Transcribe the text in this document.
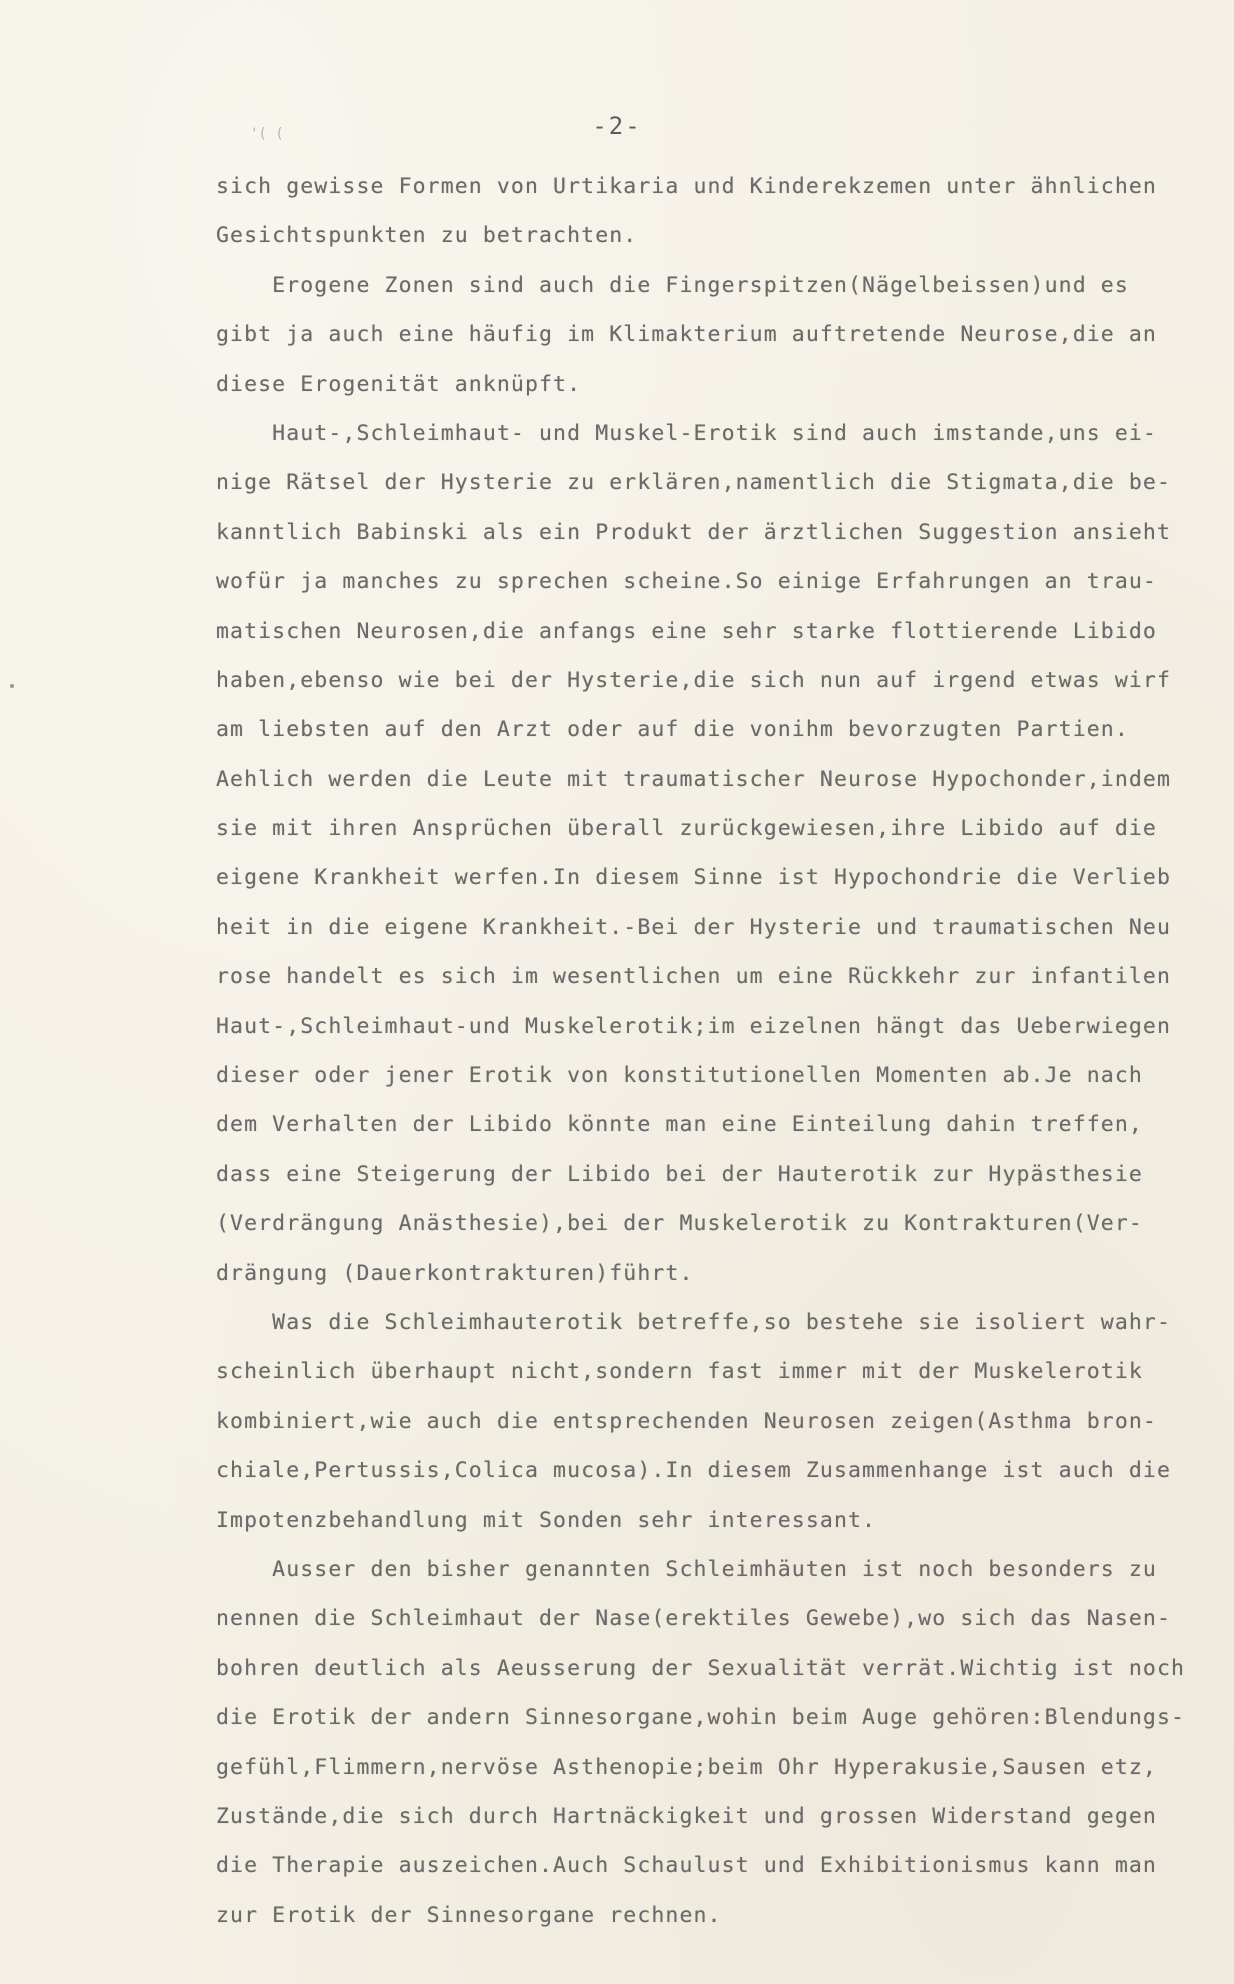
'( (	-2-
sich gewisse Formen von Urtikaria und Kinderekzemen unter ähnlichen
Gesichtspunkten zu betrachten.
Erogene Zonen sind auch die Fingerspitzen(Nägelbeissen)und es
gibt ja auch eine häufig im Klimakterium auftretende Neurose,die an
diese Erogenität anknüpft.
Haut-,Schleimhaut- und Muskel-Erotik sind auch imstande,uns ei-
nige Rätsel der Hysterie zu erklären,namentlich die Stigmata,die be-
kanntlich Babinski als ein Produkt der ärztlichen Suggestion ansieht
wofür ja manches zu sprechen scheine.So einige Erfahrungen an trau-
matischen Neurosen,die anfangs eine sehr starke flottierende Libido
haben,ebenso wie bei der Hysterie,die sich nun auf irgend etwas wirf
am liebsten auf den Arzt oder auf die vonihm bevorzugten Partien.
Aehlich werden die Leute mit traumatischer Neurose Hypochonder,indem
sie mit ihren Ansprüchen überall zurückgewiesen,ihre Libido auf die
eigene Krankheit werfen.In diesem Sinne ist Hypochondrie die Verlieb
heit in die eigene Krankheit.-Bei der Hysterie und traumatischen Neu
rose handelt es sich im wesentlichen um eine Rückkehr zur infantilen
Haut-,Schleimhaut-und Muskelerotik;im eizelnen hängt das Ueberwiegen
dieser oder jener Erotik von konstitutionellen Momenten ab.Je nach
dem Verhalten der Libido könnte man eine Einteilung dahin treffen,
dass eine Steigerung der Libido bei der Hauterotik zur Hypästhesie
(Verdrängung Anästhesie),bei der Muskelerotik zu Kontrakturen(Ver-
drängung (Dauerkontrakturen)führt.
Was die Schleimhauterotik betreffe,so bestehe sie isoliert wahr-
scheinlich überhaupt nicht,sondern fast immer mit der Muskelerotik
kombiniert,wie auch die entsprechenden Neurosen zeigen(Asthma bron-
chiale,Pertussis,Colica mucosa).In diesem Zusammenhange ist auch die
Impotenzbehandlung mit Sonden sehr interessant.
Ausser den bisher genannten Schleimhäuten ist noch besonders zu
nennen die Schleimhaut der Nase(erektiles Gewebe),wo sich das Nasen-
bohren deutlich als Aeusserung der Sexualität verrät.Wichtig ist noch
die Erotik der andern Sinnesorgane,wohin beim Auge gehören:Blendungs-
gefühl,Flimmern,nervöse Asthenopie;beim Ohr Hyperakusie,Sausen etz,
Zustände,die sich durch Hartnäckigkeit und grossen Widerstand gegen
die Therapie auszeichen.Auch Schaulust und Exhibitionismus kann man
zur Erotik der Sinnesorgane rechnen.
